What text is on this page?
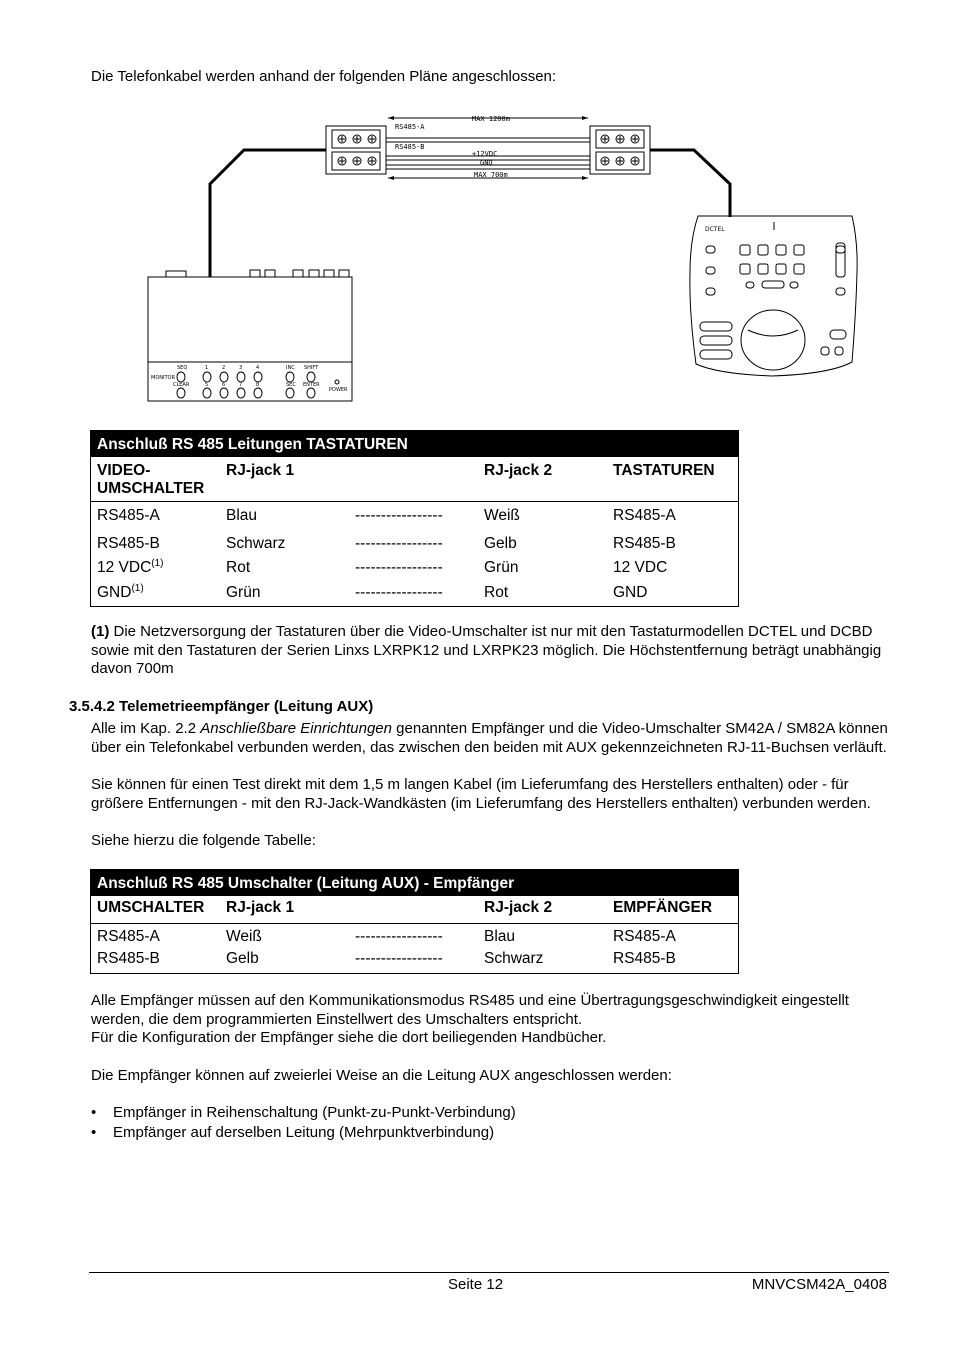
Die Telefonkabel werden anhand der folgenden Pläne angeschlossen:
MAX 1200m
RS485-A
RS485-B
+12VDC
GND
MAX 700m
SEQ
MONITOR
CLEAR
1	2	3	4
5	6	7	8
INC SHIFT
SEC ENTER
POWER
DCTEL
Anschluß RS 485 Leitungen TASTATUREN				
VIDEO-
UMSCHALTER	RJ-jack 1		RJ-jack 2	TASTATUREN
RS485-A	Blau	-----------------	Weiß	RS485-A
RS485-B	Schwarz	-----------------	Gelb	RS485-B
12 VDC$^{(1)}$	Rot	-----------------	Grün	12 VDC
GND$^{(1)}$	Grün	-----------------	Rot	GND
(1) Die Netzversorgung der Tastaturen über die Video-Umschalter ist nur mit den Tastaturmodellen DCTEL und DCBD sowie mit den Tastaturen der Serien Linxs LXRPK12 und LXRPK23 möglich. Die Höchstentfernung beträgt unabhängig davon 700m
3.5.4.2 Telemetrieempfänger (Leitung AUX)
Alle im Kap. 2.2 Anschließbare Einrichtungen genannten Empfänger und die Video-Umschalter SM42A / SM82A können über ein Telefonkabel verbunden werden, das zwischen den beiden mit AUX gekennzeichneten RJ-11-Buchsen verläuft.
Sie können für einen Test direkt mit dem 1,5 m langen Kabel (im Lieferumfang des Herstellers enthalten) oder - für größere Entfernungen - mit den RJ-Jack-Wandkästen (im Lieferumfang des Herstellers enthalten) verbunden werden.
Siehe hierzu die folgende Tabelle:
Anschluß RS 485 Umschalter (Leitung AUX) - Empfänger				
UMSCHALTER	RJ-jack 1		RJ-jack 2	EMPFÄNGER
RS485-A	Weiß	-----------------	Blau	RS485-A
RS485-B	Gelb	-----------------	Schwarz	RS485-B
Alle Empfänger müssen auf den Kommunikationsmodus RS485 und eine Übertragungsgeschwindigkeit eingestellt werden, die dem programmierten Einstellwert des Umschalters entspricht.
Für die Konfiguration der Empfänger siehe die dort beiliegenden Handbücher.
Die Empfänger können auf zweierlei Weise an die Leitung AUX angeschlossen werden:
• Empfänger in Reihenschaltung (Punkt-zu-Punkt-Verbindung)
• Empfänger auf derselben Leitung (Mehrpunktverbindung)
Seite 12	MNVCSM42A_0408
